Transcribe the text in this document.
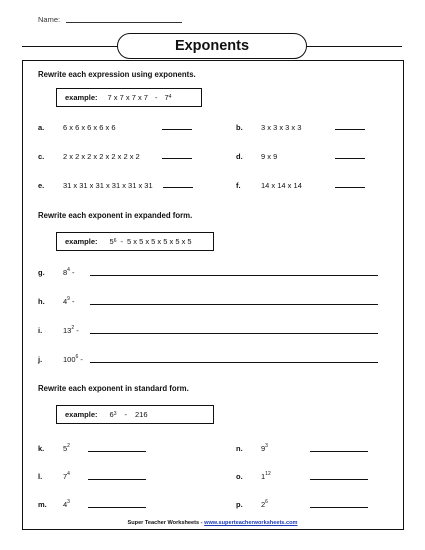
Name:
Exponents
Rewrite each expression using exponents.
example: 7 x 7 x 7 x $7 - 7^4$
a. 6 x 6 x 6 x 6 x 6	b. 3 x 3 x 3 x 3
c. 2 x 2 x 2 x 2 x 2 x 2 x 2	d. 9 x 9
e. 31 x 31 x 31 x 31 x 31 x 31	f.	14 x 14 x 14
Rewrite each exponent in expanded form.
example: $5^6 - 5$ x 5 x 5 x 5 x 5 x 5
g. $8^4$ -
h. $4^9$ -
i.	$13^2$ -
j.	$100^6$ -
Rewrite each exponent in standard form.
example: $6^3 - 216$
k. $5^2$	n. $9^3$
l.	$7^4$	o. $1^{12}$
m. $4^3$	p. $2^6$
Super Teacher Worksheets - www.superteacherworksheets.com
